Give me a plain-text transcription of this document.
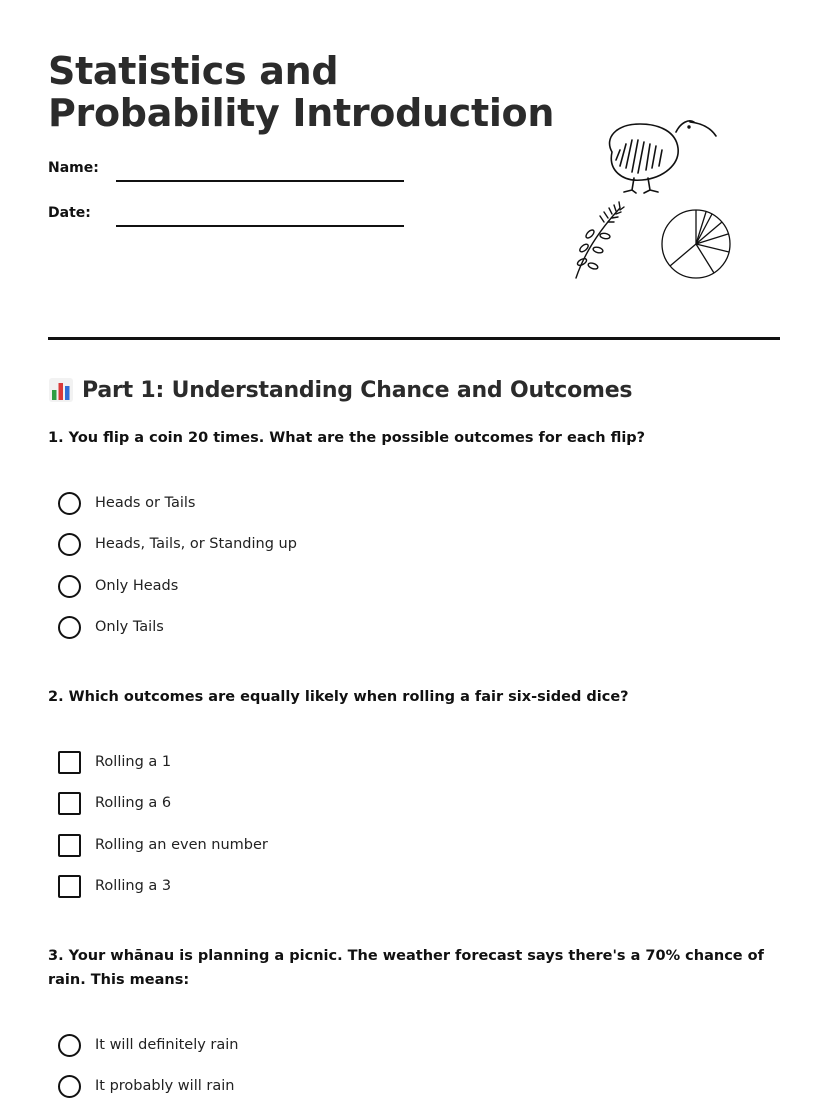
Statistics and
Probability Introduction
Name:
Date:
Part 1: Understanding Chance and Outcomes
1. You flip a coin 20 times. What are the possible outcomes for each flip?
Heads or Tails
Heads, Tails, or Standing up
Only Heads
Only Tails
2. Which outcomes are equally likely when rolling a fair six-sided dice?
Rolling a 1
Rolling a 6
Rolling an even number
Rolling a 3
3. Your whānau is planning a picnic. The weather forecast says there's a 70% chance of rain. This means:
It will definitely rain
It probably will rain
